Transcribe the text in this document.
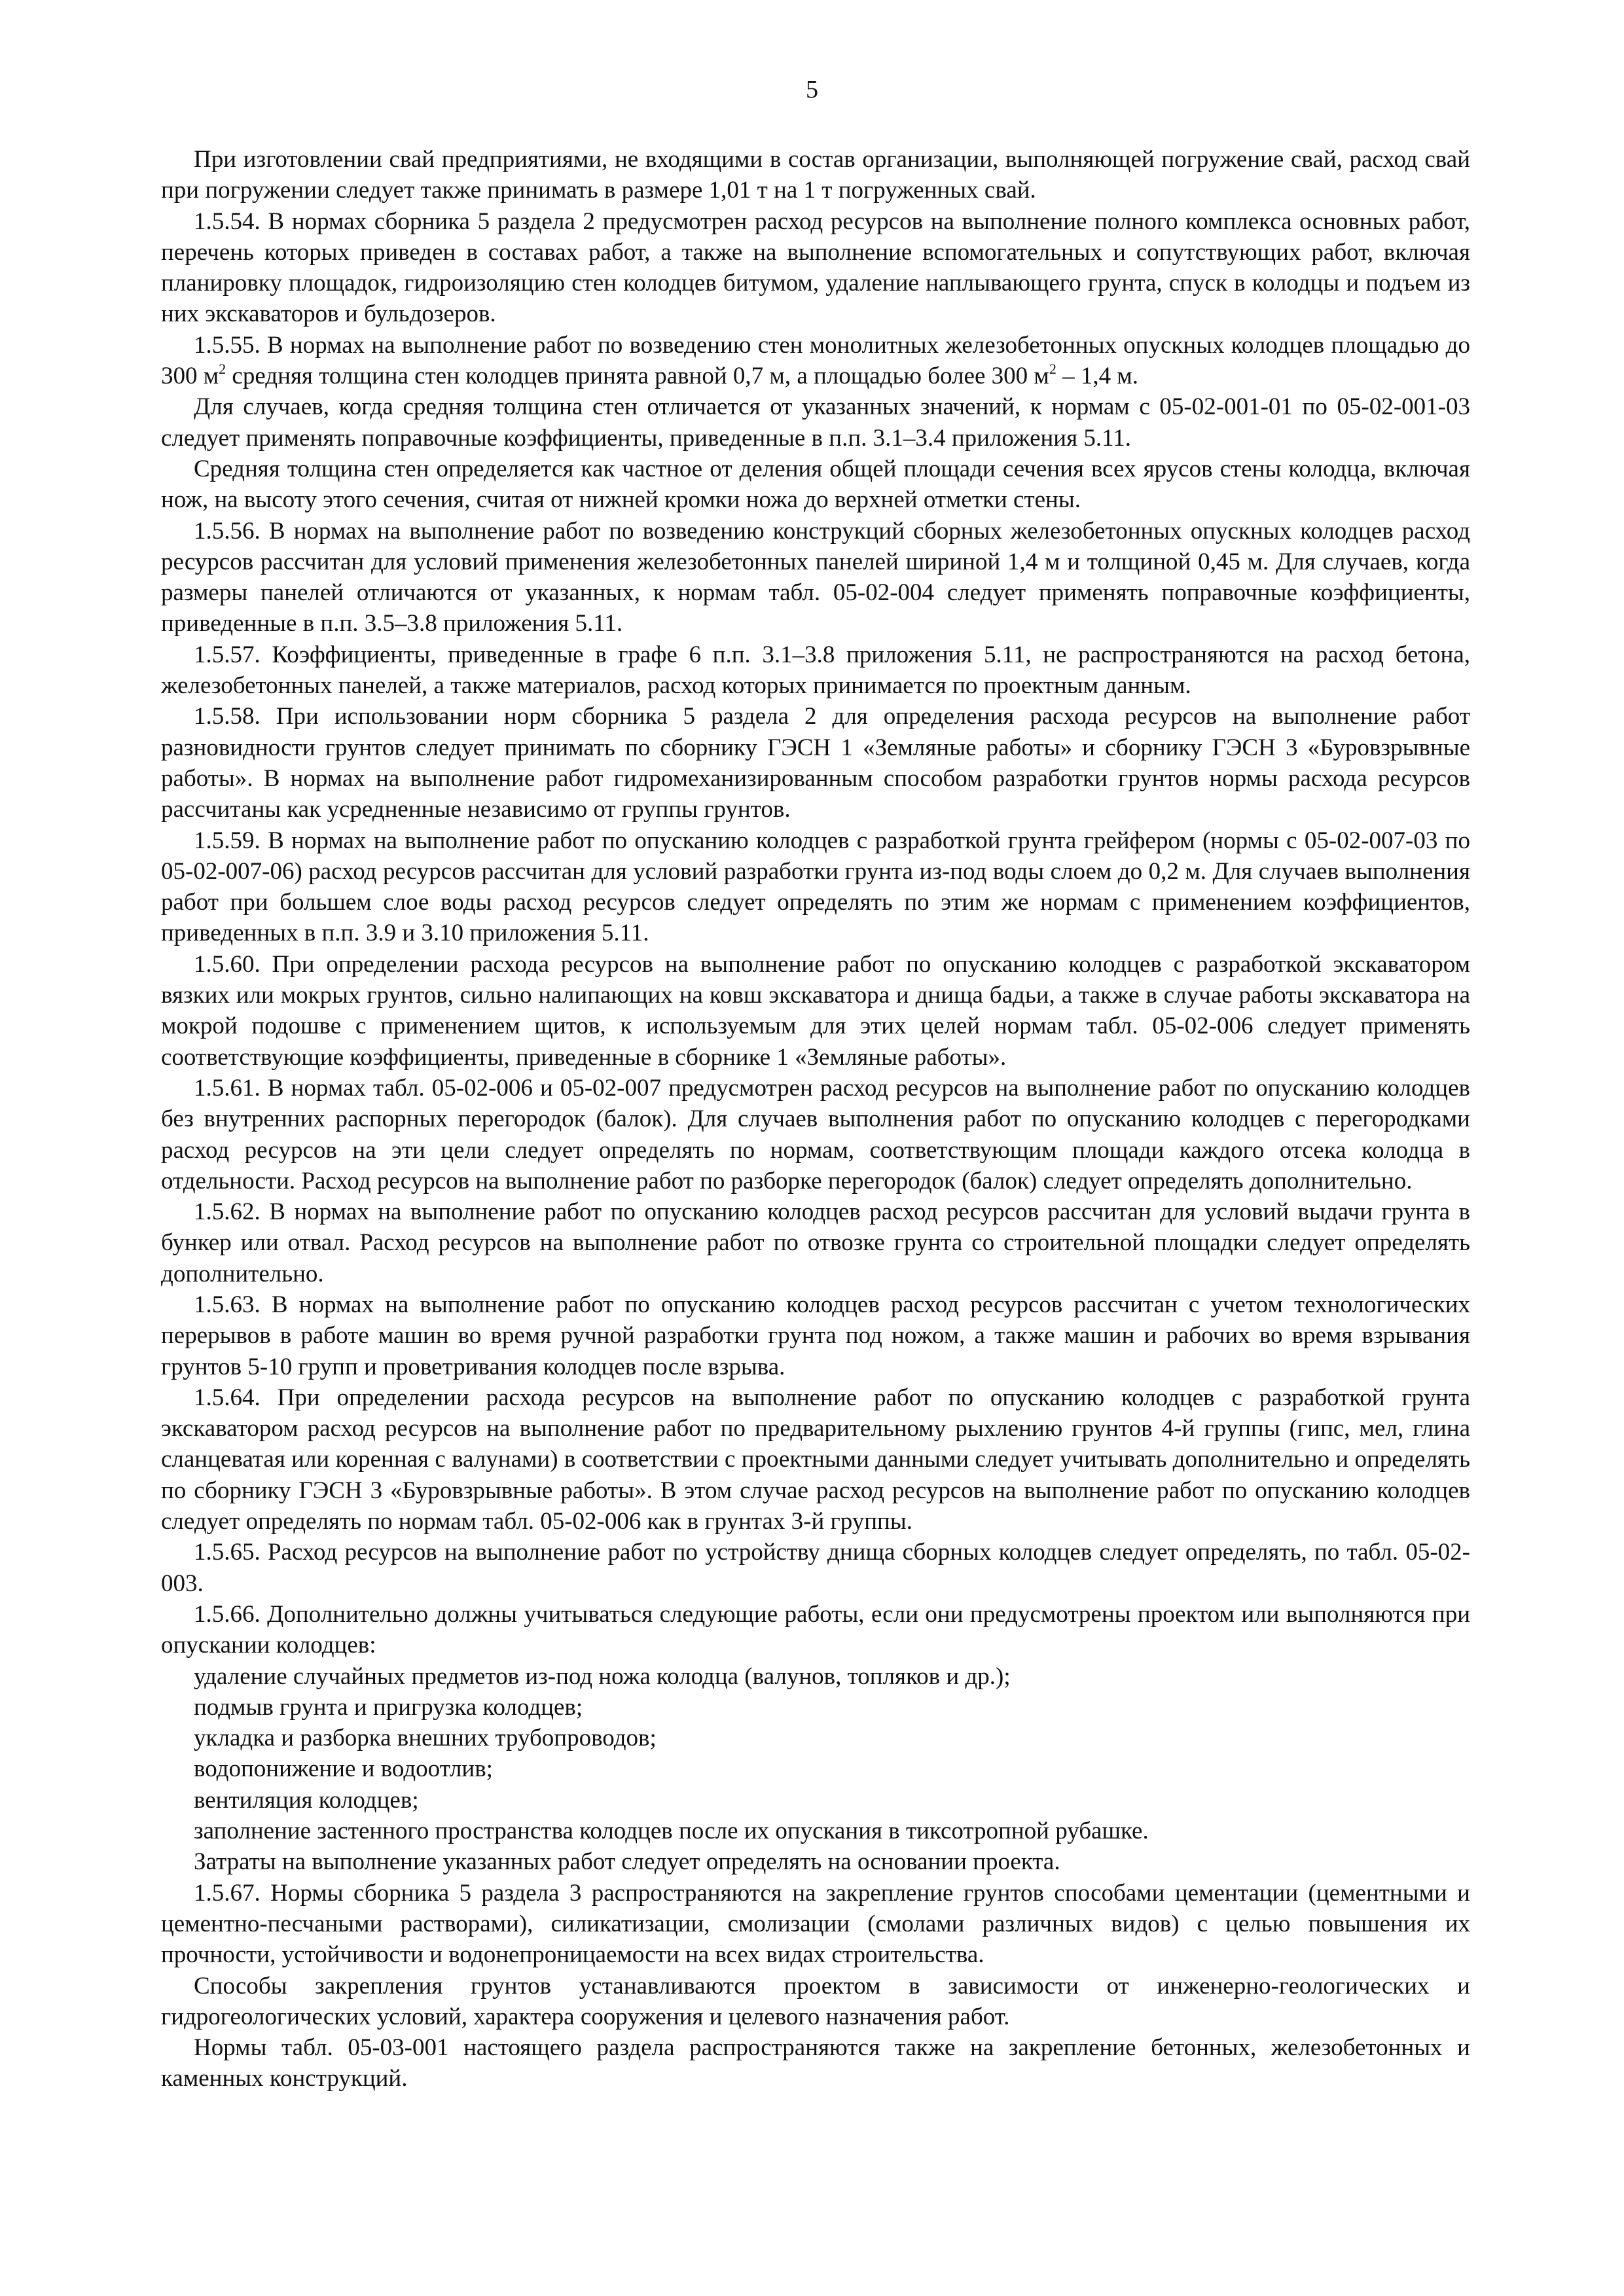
5

При изготовлении свай предприятиями, не входящими в состав организации, выполняющей погружение свай, расход свай при погружении следует также принимать в размере 1,01 т на 1 т погруженных свай.

1.5.54. В нормах сборника 5 раздела 2 предусмотрен расход ресурсов на выполнение полного комплекса основных работ, перечень которых приведен в составах работ, а также на выполнение вспомогательных и сопутствующих работ, включая планировку площадок, гидроизоляцию стен колодцев битумом, удаление наплывающего грунта, спуск в колодцы и подъем из них экскаваторов и бульдозеров.

1.5.55. В нормах на выполнение работ по возведению стен монолитных железобетонных опускных колодцев площадью до 300 $м^2$ средняя толщина стен колодцев принята равной 0,7 м, а площадью более 300 $м^2 - 1,4$ м.

Для случаев, когда средняя толщина стен отличается от указанных значений, к нормам с 05-02-001-01 по 05-02-001-03 следует применять поправочные коэффициенты, приведенные в п.п. 3.1–3.4 приложения 5.11.

Средняя толщина стен определяется как частное от деления общей площади сечения всех ярусов стены колодца, включая нож, на высоту этого сечения, считая от нижней кромки ножа до верхней отметки стены.

1.5.56. В нормах на выполнение работ по возведению конструкций сборных железобетонных опускных колодцев расход ресурсов рассчитан для условий применения железобетонных панелей шириной 1,4 м и толщиной 0,45 м. Для случаев, когда размеры панелей отличаются от указанных, к нормам табл. 05-02-004 следует применять поправочные коэффициенты, приведенные в п.п. 3.5–3.8 приложения 5.11.

1.5.57. Коэффициенты, приведенные в графе 6 п.п. 3.1–3.8 приложения 5.11, не распространяются на расход бетона, железобетонных панелей, а также материалов, расход которых принимается по проектным данным.

1.5.58. При использовании норм сборника 5 раздела 2 для определения расхода ресурсов на выполнение работ разновидности грунтов следует принимать по сборнику ГЭСН 1 «Земляные работы» и сборнику ГЭСН 3 «Буровзрывные работы». В нормах на выполнение работ гидромеханизированным способом разработки грунтов нормы расхода ресурсов рассчитаны как усредненные независимо от группы грунтов.

1.5.59. В нормах на выполнение работ по опусканию колодцев с разработкой грунта грейфером (нормы с 05-02-007-03 по 05-02-007-06) расход ресурсов рассчитан для условий разработки грунта из-под воды слоем до 0,2 м. Для случаев выполнения работ при большем слое воды расход ресурсов следует определять по этим же нормам с применением коэффициентов, приведенных в п.п. 3.9 и 3.10 приложения 5.11.

1.5.60. При определении расхода ресурсов на выполнение работ по опусканию колодцев с разработкой экскаватором вязких или мокрых грунтов, сильно налипающих на ковш экскаватора и днища бадьи, а также в случае работы экскаватора на мокрой подошве с применением щитов, к используемым для этих целей нормам табл. 05-02-006 следует применять соответствующие коэффициенты, приведенные в сборнике 1 «Земляные работы».

1.5.61. В нормах табл. 05-02-006 и 05-02-007 предусмотрен расход ресурсов на выполнение работ по опусканию колодцев без внутренних распорных перегородок (балок). Для случаев выполнения работ по опусканию колодцев с перегородками расход ресурсов на эти цели следует определять по нормам, соответствующим площади каждого отсека колодца в отдельности. Расход ресурсов на выполнение работ по разборке перегородок (балок) следует определять дополнительно.

1.5.62. В нормах на выполнение работ по опусканию колодцев расход ресурсов рассчитан для условий выдачи грунта в бункер или отвал. Расход ресурсов на выполнение работ по отвозке грунта со строительной площадки следует определять дополнительно.

1.5.63. В нормах на выполнение работ по опусканию колодцев расход ресурсов рассчитан с учетом технологических перерывов в работе машин во время ручной разработки грунта под ножом, а также машин и рабочих во время взрывания грунтов 5-10 групп и проветривания колодцев после взрыва.

1.5.64. При определении расхода ресурсов на выполнение работ по опусканию колодцев с разработкой грунта экскаватором расход ресурсов на выполнение работ по предварительному рыхлению грунтов 4-й группы (гипс, мел, глина сланцеватая или коренная с валунами) в соответствии с проектными данными следует учитывать дополнительно и определять по сборнику ГЭСН 3 «Буровзрывные работы». В этом случае расход ресурсов на выполнение работ по опусканию колодцев следует определять по нормам табл. 05-02-006 как в грунтах 3-й группы.

1.5.65. Расход ресурсов на выполнение работ по устройству днища сборных колодцев следует определять, по табл. 05-02-003.

1.5.66. Дополнительно должны учитываться следующие работы, если они предусмотрены проектом или выполняются при опускании колодцев:

удаление случайных предметов из-под ножа колодца (валунов, топляков и др.);

подмыв грунта и пригрузка колодцев;

укладка и разборка внешних трубопроводов;

водопонижение и водоотлив;

вентиляция колодцев;

заполнение застенного пространства колодцев после их опускания в тиксотропной рубашке.

Затраты на выполнение указанных работ следует определять на основании проекта.

1.5.67. Нормы сборника 5 раздела 3 распространяются на закрепление грунтов способами цементации (цементными и цементно-песчаными растворами), силикатизации, смолизации (смолами различных видов) с целью повышения их прочности, устойчивости и водонепроницаемости на всех видах строительства.

Способы закрепления грунтов устанавливаются проектом в зависимости от инженерно-геологических и гидрогеологических условий, характера сооружения и целевого назначения работ.

Нормы табл. 05-03-001 настоящего раздела распространяются также на закрепление бетонных, железобетонных и каменных конструкций.
